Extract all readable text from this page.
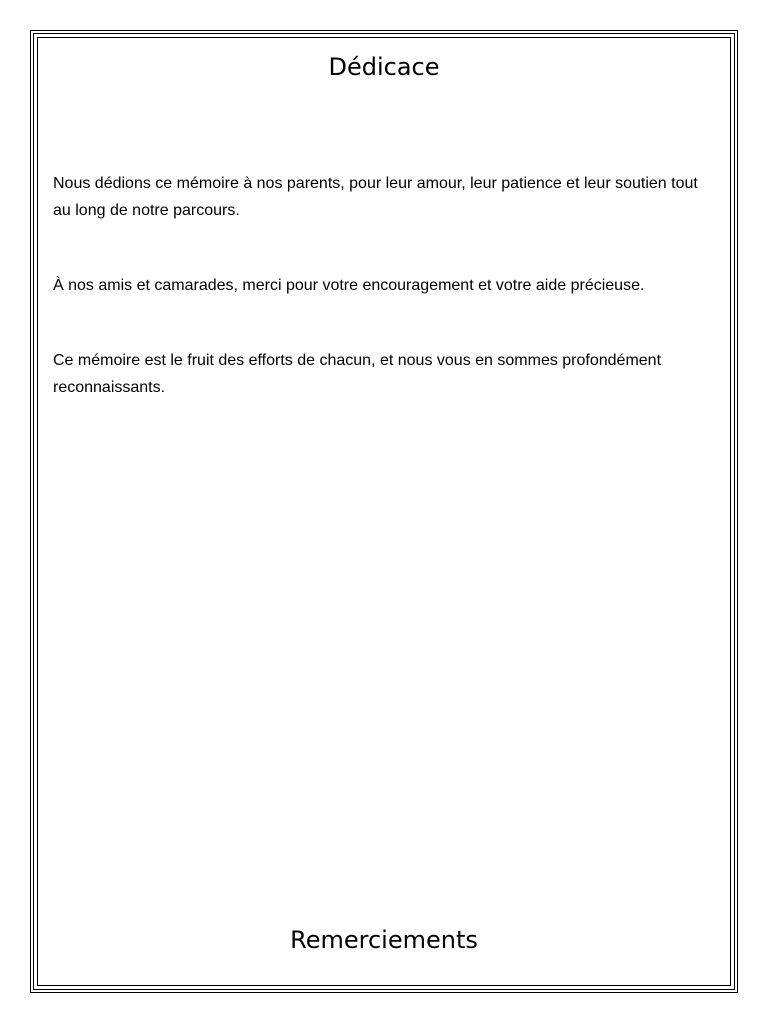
Dédicace

Nous dédions ce mémoire à nos parents, pour leur amour, leur patience et leur soutien tout au long de notre parcours.

À nos amis et camarades, merci pour votre encouragement et votre aide précieuse.

Ce mémoire est le fruit des efforts de chacun, et nous vous en sommes profondément reconnaissants.

Remerciements
